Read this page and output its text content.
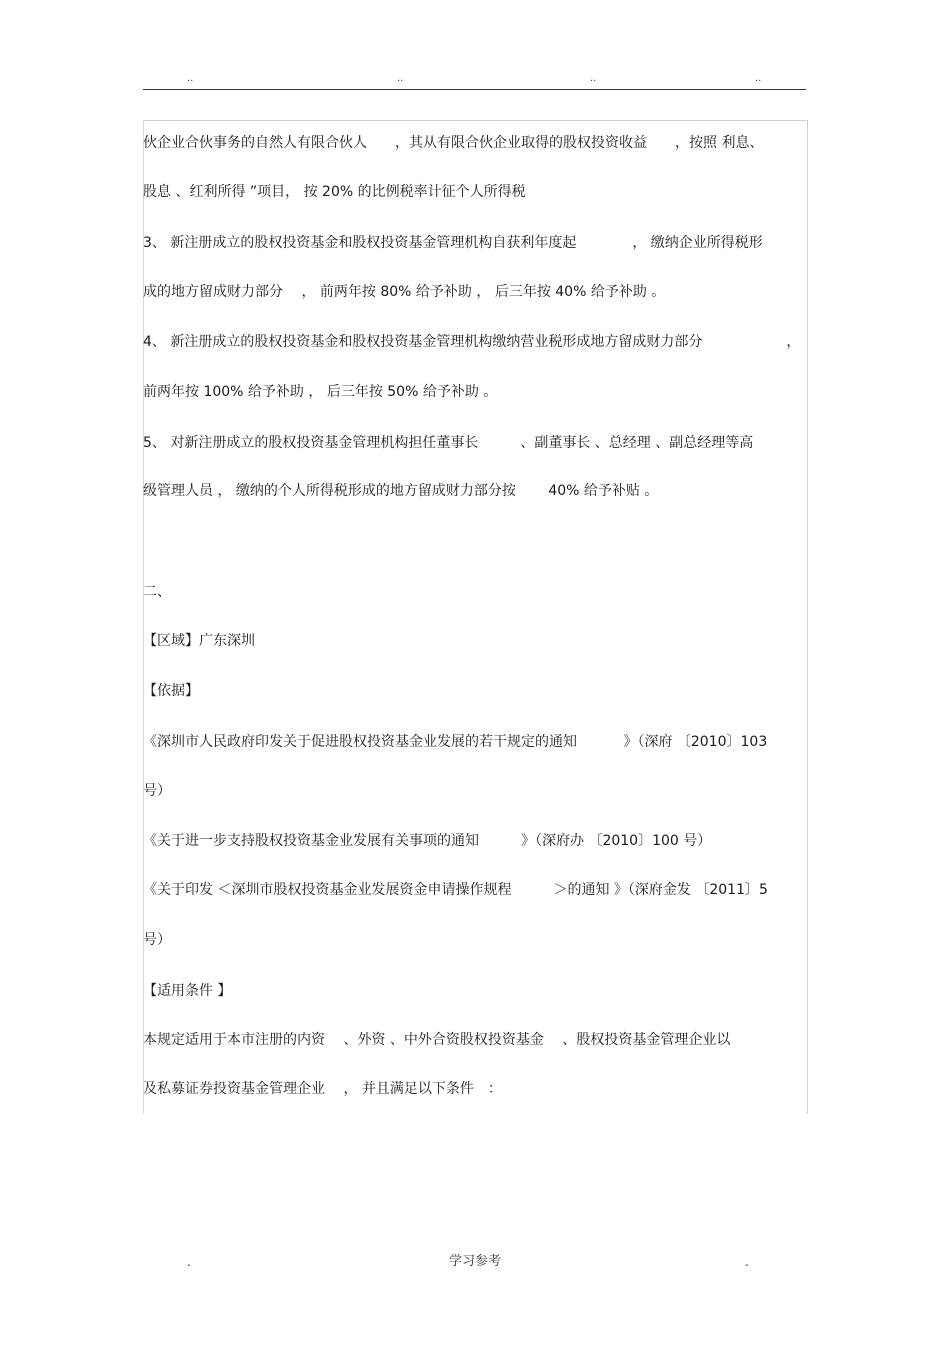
..	..	..	..
伙企业合伙事务的自然人有限合伙人　　，其从有限合伙企业取得的股权投资收益　　，按照 利息、
股息 、红利所得 ”项目， 按 20% 的比例税率计征个人所得税
3、 新注册成立的股权投资基金和股权投资基金管理机构自获利年度起　　　　， 缴纳企业所得税形
成的地方留成财力部分　 ， 前两年按 80% 给予补助 ， 后三年按 40% 给予补助 。
4、 新注册成立的股权投资基金和股权投资基金管理机构缴纳营业税形成地方留成财力部分　　　　　　，
前两年按 100% 给予补助 ， 后三年按 50% 给予补助 。
5、 对新注册成立的股权投资基金管理机构担任董事长　　　、副董事长 、总经理 、副总经理等高
级管理人员 ， 缴纳的个人所得税形成的地方留成财力部分按　　 40% 给予补贴 。
二、
【区域】广东深圳
【依据】
《深圳市人民政府印发关于促进股权投资基金业发展的若干规定的通知　　　 》（深府 〔2010〕103
号）
《关于进一步支持股权投资基金业发展有关事项的通知　　　》（深府办 〔2010〕100 号）
《关于印发 ＜深圳市股权投资基金业发展资金申请操作规程　　　＞的通知 》（深府金发 〔2011〕5
号）
【适用条件 】
本规定适用于本市注册的内资　 、外资 、中外合资股权投资基金　 、股权投资基金管理企业以
及私募证券投资基金管理企业　 ， 并且满足以下条件　：
.	学习参考	.
